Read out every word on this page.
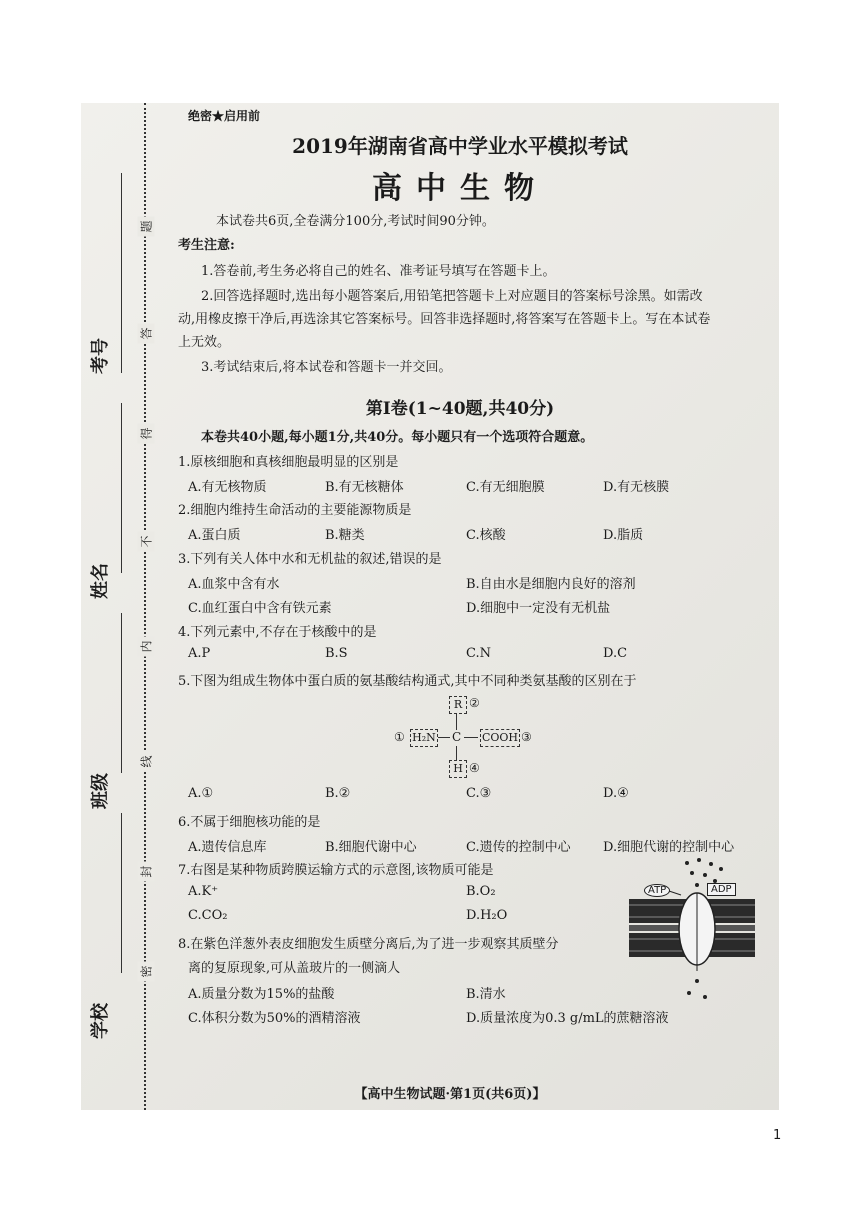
考号
姓名
班级
学校
密
封
线
内
不
得
答
题
绝密★启用前
2019年湖南省高中学业水平模拟考试
高中生物
本试卷共6页,全卷满分100分,考试时间90分钟。
考生注意:
1.答卷前,考生务必将自己的姓名、准考证号填写在答题卡上。
2.回答选择题时,选出每小题答案后,用铅笔把答题卡上对应题目的答案标号涂黑。如需改
动,用橡皮擦干净后,再选涂其它答案标号。回答非选择题时,将答案写在答题卡上。写在本试卷
上无效。
3.考试结束后,将本试卷和答题卡一并交回。
第Ⅰ卷(1~40题,共40分)
本卷共40小题,每小题1分,共40分。每小题只有一个选项符合题意。
1.原核细胞和真核细胞最明显的区别是
A.有无核物质	B.有无核糖体	C.有无细胞膜	D.有无核膜
2.细胞内维持生命活动的主要能源物质是
A.蛋白质	B.糖类	C.核酸	D.脂质
3.下列有关人体中水和无机盐的叙述,错误的是
A.血浆中含有水	B.自由水是细胞内良好的溶剂
C.血红蛋白中含有铁元素	D.细胞中一定没有无机盐
4.下列元素中,不存在于核酸中的是
A.P	B.S	C.N	D.C
5.下图为组成生物体中蛋白质的氨基酸结构通式,其中不同种类氨基酸的区别在于
R ②
① H₂N C COOH ③
H ④
A.①	B.②	C.③	D.④
6.不属于细胞核功能的是
A.遗传信息库	B.细胞代谢中心	C.遗传的控制中心 D.细胞代谢的控制中心
7.右图是某种物质跨膜运输方式的示意图,该物质可能是
A.K⁺	B.O₂
C.CO₂	D.H₂O
ATP	ADP
8.在紫色洋葱外表皮细胞发生质壁分离后,为了进一步观察其质壁分
离的复原现象,可从盖玻片的一侧滴人
A.质量分数为15%的盐酸	B.清水
C.体积分数为50%的酒精溶液	D.质量浓度为0.3 g/mL的蔗糖溶液
【高中生物试题·第1页(共6页)】
1
